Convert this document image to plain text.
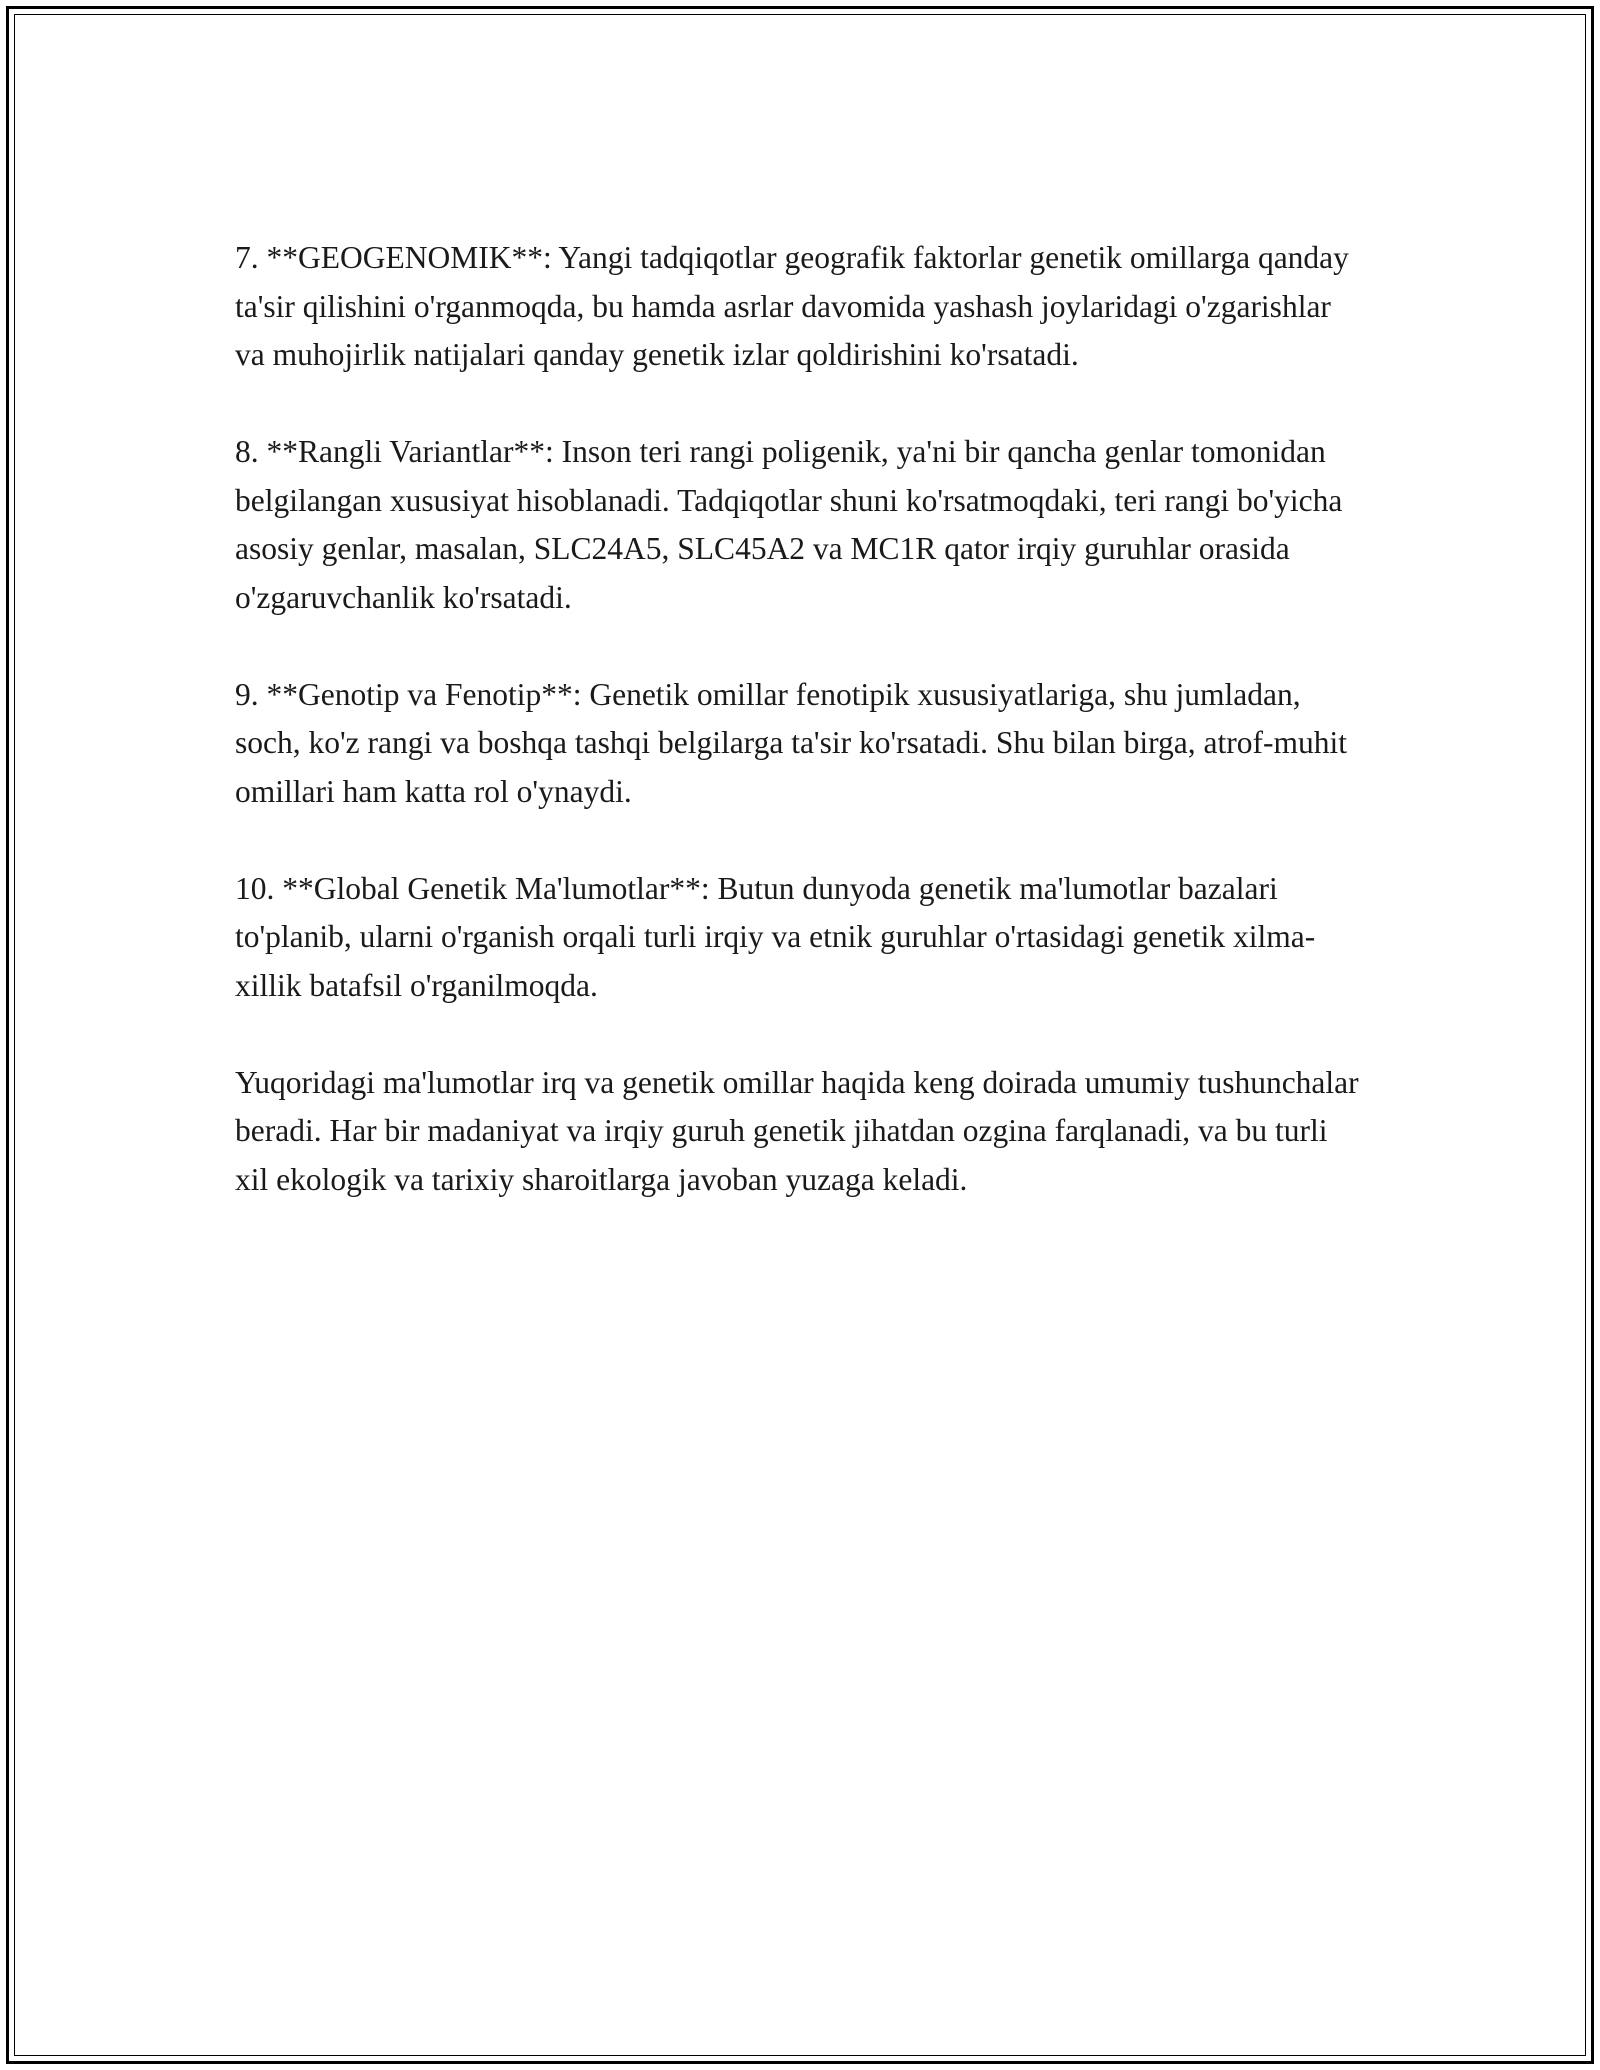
7. **GEOGENOMIK**: Yangi tadqiqotlar geografik faktorlar genetik omillarga qanday ta'sir qilishini o'rganmoqda, bu hamda asrlar davomida yashash joylaridagi o'zgarishlar va muhojirlik natijalari qanday genetik izlar qoldirishini ko'rsatadi.

8. **Rangli Variantlar**: Inson teri rangi poligenik, ya'ni bir qancha genlar tomonidan belgilangan xususiyat hisoblanadi. Tadqiqotlar shuni ko'rsatmoqdaki, teri rangi bo'yicha asosiy genlar, masalan, SLC24A5, SLC45A2 va MC1R qator irqiy guruhlar orasida o'zgaruvchanlik ko'rsatadi.

9. **Genotip va Fenotip**: Genetik omillar fenotipik xususiyatlariga, shu jumladan, soch, ko'z rangi va boshqa tashqi belgilarga ta'sir ko'rsatadi. Shu bilan birga, atrof-muhit omillari ham katta rol o'ynaydi.

10. **Global Genetik Ma'lumotlar**: Butun dunyoda genetik ma'lumotlar bazalari to'planib, ularni o'rganish orqali turli irqiy va etnik guruhlar o'rtasidagi genetik xilma-xillik batafsil o'rganilmoqda.

Yuqoridagi ma'lumotlar irq va genetik omillar haqida keng doirada umumiy tushunchalar beradi. Har bir madaniyat va irqiy guruh genetik jihatdan ozgina farqlanadi, va bu turli xil ekologik va tarixiy sharoitlarga javoban yuzaga keladi.
